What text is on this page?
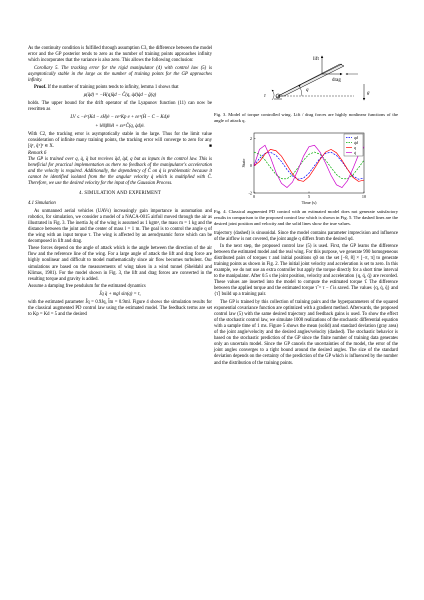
As the continuity condition is fulfilled through assumption C3, the difference between the model error and the GP posterior tends to zero as the number of training points approaches infinity which incorporates that the variance is also zero. This allows the following conclusion:

Corollary 5. The tracking error for the rigid manipulator (4) with control law (5) is asymptotically stable in the large as the number of training points for the GP approaches infinity.

Proof. If the number of training points tends to infinity, lemma 1 shows that

μ(q̈d) = −H(q)q̈d − Ĉ(q, q̇d)q̇d − ĝ(q)

holds. The upper bound for the drift operator of the Lyapunov function (11) can now be rewritten as

LV ≤ −ėᵀ(Kd − εH)ė − εeᵀKp e + εeᵀ(Ḣ − C − Kd)ė
+ ‖ė‖‖β‖‖ė‖ + εeᵀĈ(q, q̇d)ė.

With C2, the tracking error is asymptotically stable in the large. Thus for the limit value consideration of infinite many training points, the tracking error will converge to zero for any [q̇ᵀ, q̈ᵀ]ᵀ ∈ X.	■

Remark 6
The GP is trained over q, q̇, q̈ but receives q̈d, q̇d, q but as inputs in the control law. This is beneficial for practical implementation as there no feedback of the manipulator's acceleration and the velocity is required. Additionally, the dependency of Ĉ on q̇ is problematic because it cannot be identified isolated from the the angular velocity q̇ which is multiplied with Ĉ. Therefore, we use the desired velocity for the input of the Gaussian Process.

4. SIMULATION AND EXPERIMENT
4.1 Simulation

As unmanned aerial vehicles (UAVs) increasingly gain importance in automation and robotics, for simulation, we consider a model of a NACA-0015 airfoil moved through the air as illustrated in Fig. 3. The inertia Jq of the wing is assumed as 1 kgm², the mass m = 1 kg and the distance between the joint and the center of mass l = 1 m. The goal is to control the angle q of the wing with an input torque τ. The wing is affected by an aerodynamic force which can be decomposed in lift and drag.

These forces depend on the angle of attack which is the angle between the direction of the air flow and the reference line of the wing. For a large angle of attack the lift and drag force are highly nonlinear and difficult to model mathematically since air flow becomes turbulent. Our simulations are based on the measurements of wing taken in a wind tunnel (Sheldahl and Klimas, 1981). For the model shown in Fig. 3, the lift and drag forces are converted in the resulting torque and gravity is added.

Assume a damping free pendulum for the estimated dynamics

Ĵq q̈ + mgl sin(q) = τ,

with the estimated parameter Ĵq = 0.9Jq, l̂m = 0.9ml. Figure 4 shows the simulation results for the classical augmented PD control law using the estimated model. The feedback terms are set to Kp = Kd = 5 and the desired

q
τ
lift
drag
g

Fig. 3. Model of torque controlled wing. Lift / drag forces are highly nonlinear functions of the angle of attack q.

0	5	10
-2
0
2
Time (s)
State
qd
q̇d
q
q̇

Fig. 4. Classical augmented PD control with an estimated model does not generate satisfactory results in comparison to the proposed control law which is shown in Fig. 5. The dashed lines are the desired joint position and velocity and the solid lines show the true values.

trajectory (dashed) is sinusoidal. Since the model contains parameter imprecision and influence of the airflow is not covered, the joint angle q differs from the desired qd.

In the next step, the proposed control law (5) is used. First, the GP learns the difference between the estimated model and the real wing. For this purpose, we generate 990 homogeneous distributed pairs of torques τ and initial positions q0 on the set [−8, 8] × [−π, π] to generate training points as shown in Fig. 2. The initial joint velocity and acceleration is set to zero. In this example, we do not use an extra controller but apply the torque directly for a short time interval to the manipulator. After 0.5 s the joint position, velocity and acceleration {q, q̇, q̈} are recorded. These values are inserted into the model to compute the estimated torque τ̂. The difference between the applied torque and the estimated torque τ̃ = τ − τ̂ is saved. The values {q, q̇, q̈} and {τ̃} build up a training pair.

The GP is trained by this collection of training pairs and the hyperparameters of the squared exponential covariance function are optimized with a gradient method. Afterwards, the proposed control law (5) with the same desired trajectory and feedback gains is used. To show the effect of the stochastic control law, we simulate 1000 realizations of the stochastic differential equation with a sample time of 1 ms. Figure 5 shows the mean (solid) and standard deviation (gray area) of the joint angle/velocity and the desired angles/velocity (dashed). The stochastic behavior is based on the stochastic prediction of the GP since the finite number of training data generates only an uncertain model. Since the GP cancels the uncertainties of the model, the error of the joint angles converges to a tight bound around the desired angles. The size of the standard deviation depends on the certainty of the prediction of the GP which is influenced by the number and the distribution of the training points.
